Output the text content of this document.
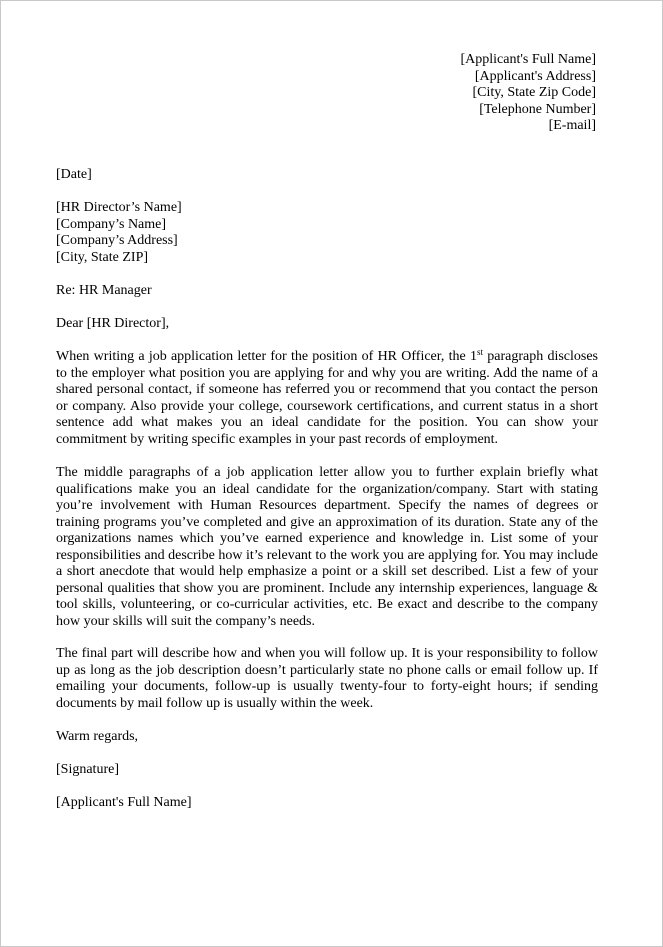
[Applicant's Full Name]
[Applicant's Address]
[City, State Zip Code]
[Telephone Number]
[E-mail]
[Date]
[HR Director’s Name]
[Company’s Name]
[Company’s Address]
[City, State ZIP]
Re: HR Manager
Dear [HR Director],
When writing a job application letter for the position of HR Officer, the 1st paragraph discloses to the employer what position you are applying for and why you are writing. Add the name of a shared personal contact, if someone has referred you or recommend that you contact the person or company. Also provide your college, coursework certifications, and current status in a short sentence add what makes you an ideal candidate for the position. You can show your commitment by writing specific examples in your past records of employment.
The middle paragraphs of a job application letter allow you to further explain briefly what qualifications make you an ideal candidate for the organization/company. Start with stating you’re involvement with Human Resources department. Specify the names of degrees or training programs you’ve completed and give an approximation of its duration. State any of the organizations names which you’ve earned experience and knowledge in. List some of your responsibilities and describe how it’s relevant to the work you are applying for. You may include a short anecdote that would help emphasize a point or a skill set described. List a few of your personal qualities that show you are prominent. Include any internship experiences, language & tool skills, volunteering, or co-curricular activities, etc. Be exact and describe to the company how your skills will suit the company’s needs.
The final part will describe how and when you will follow up. It is your responsibility to follow up as long as the job description doesn’t particularly state no phone calls or email follow up. If emailing your documents, follow-up is usually twenty-four to forty-eight hours; if sending documents by mail follow up is usually within the week.
Warm regards,
[Signature]
[Applicant's Full Name]
